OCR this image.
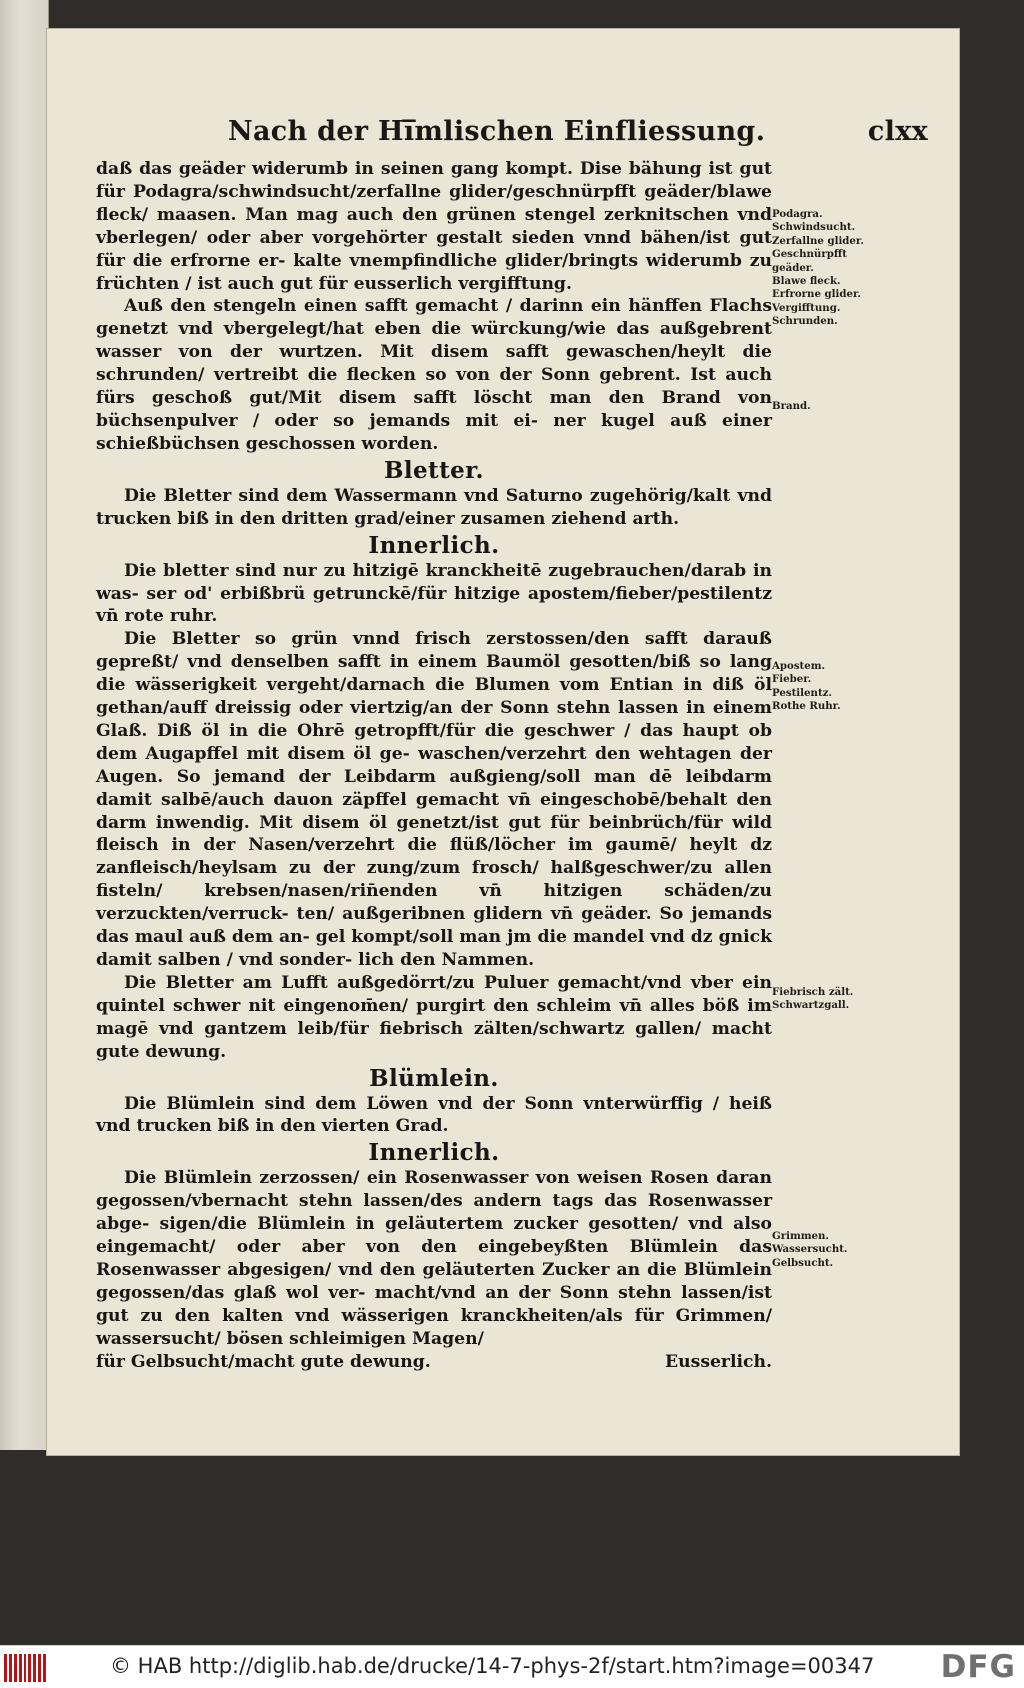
Nach der Hi̅mlischen Einfliessung.	clxx

daß das geäder widerumb in seinen gang kompt. Dise bähung ist gut für Podagra/schwindsucht/zerfallne glider/geschnürpfft geäder/blawe fleck/ maasen. Man mag auch den grünen stengel zerknitschen vnd vberlegen/ oder aber vorgehörter gestalt sieden vnnd bähen/ist gut für die erfrorne er- kalte vnempfindliche glider/bringts widerumb zu früchten / ist auch gut für eusserlich vergifftung.

Auß den stengeln einen safft gemacht / darinn ein hänffen Flachs genetzt vnd vbergelegt/hat eben die würckung/wie das außgebrent wasser von der wurtzen. Mit disem safft gewaschen/heylt die schrunden/ vertreibt die flecken so von der Sonn gebrent. Ist auch fürs geschoß gut/Mit disem safft löscht man den Brand von büchsenpulver / oder so jemands mit ei- ner kugel auß einer schießbüchsen geschossen worden.

Bletter.

Die Bletter sind dem Wassermann vnd Saturno zugehörig/kalt vnd trucken biß in den dritten grad/einer zusamen ziehend arth.

Innerlich.

Die bletter sind nur zu hitzigē kranckheitē zugebrauchen/darab in was- ser od' erbißbrü getrunckē/für hitzige apostem/fieber/pestilentz vn̄ rote ruhr.

Die Bletter so grün vnnd frisch zerstossen/den safft darauß gepreßt/ vnd denselben safft in einem Baumöl gesotten/biß so lang die wässerigkeit vergeht/darnach die Blumen vom Entian in diß öl gethan/auff dreissig oder viertzig/an der Sonn stehn lassen in einem Glaß. Diß öl in die Ohrē getropfft/für die geschwer / das haupt ob dem Augapffel mit disem öl ge- waschen/verzehrt den wehtagen der Augen. So jemand der Leibdarm außgieng/soll man dē leibdarm damit salbē/auch dauon zäpffel gemacht vn̄ eingeschobē/behalt den darm inwendig. Mit disem öl genetzt/ist gut für beinbrüch/für wild fleisch in der Nasen/verzehrt die flüß/löcher im gaumē/ heylt dz zanfleisch/heylsam zu der zung/zum frosch/ halßgeschwer/zu allen fisteln/ krebsen/nasen/rin̄enden vn̄ hitzigen schäden/zu verzuckten/verruck- ten/ außgeribnen glidern vn̄ geäder. So jemands das maul auß dem an- gel kompt/soll man jm die mandel vnd dz gnick damit salben / vnd sonder- lich den Nammen.

Die Bletter am Lufft außgedörrt/zu Puluer gemacht/vnd vber ein quintel schwer nit eingenom̄en/ purgirt den schleim vn̄ alles böß im magē vnd gantzem leib/für fiebrisch zälten/schwartz gallen/ macht gute dewung.

Blümlein.

Die Blümlein sind dem Löwen vnd der Sonn vnterwürffig / heiß vnd trucken biß in den vierten Grad.

Innerlich.

Die Blümlein zerzossen/ ein Rosenwasser von weisen Rosen daran gegossen/vbernacht stehn lassen/des andern tags das Rosenwasser abge- sigen/die Blümlein in geläutertem zucker gesotten/ vnd also eingemacht/ oder aber von den eingebeyßten Blümlein das Rosenwasser abgesigen/ vnd den geläuterten Zucker an die Blümlein gegossen/das glaß wol ver- macht/vnd an der Sonn stehn lassen/ist gut zu den kalten vnd wässerigen kranckheiten/als für Grimmen/ wassersucht/ bösen schleimigen Magen/

für Gelbsucht/macht gute dewung.	Eusserlich.
Podagra.
Schwindsucht.
Zerfallne glider.
Geschnürpfft
geäder.
Blawe fleck.
Erfrorne glider.
Vergifftung.
Schrunden.
Brand.
Apostem.
Fieber.
Pestilentz.
Rothe Ruhr.
Fiebrisch zält.
Schwartzgall.
Grimmen.
Wassersucht.
Gelbsucht.
© HAB http://diglib.hab.de/drucke/14-7-phys-2f/start.htm?image=00347 DFG
